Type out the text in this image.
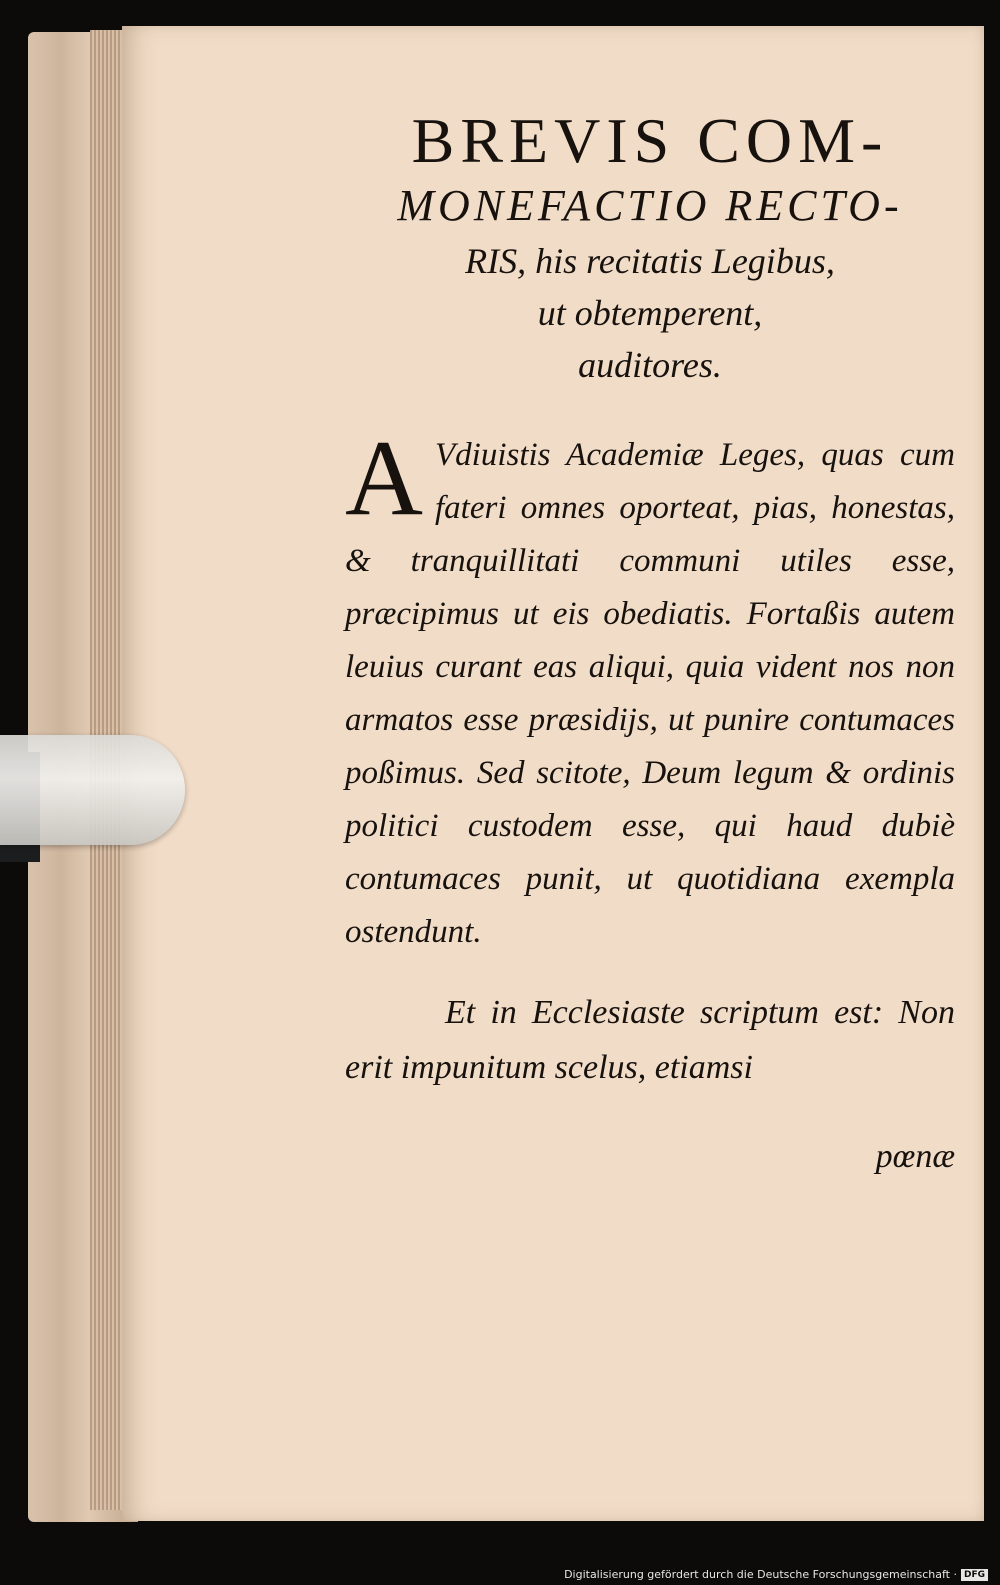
BREVIS COM-

MONEFACTIO RECTO-

RIS, his recitatis Legibus,

ut obtemperent,

auditores.

A Vdiuistis Academiæ Leges, quas cum fateri omnes oporteat, pias, honestas, & tranquillitati communi utiles esse, præcipimus ut eis obediatis. Fortaßis autem leuius curant eas aliqui, quia vident nos non armatos esse præsidijs, ut punire contumaces poßimus. Sed scitote, Deum legum & ordinis politici custodem esse, qui haud dubiè contumaces punit, ut quotidiana exempla ostendunt.

Et in Ecclesiaste scriptum est: Non erit impunitum scelus, etiamsi

pœnæ

Digitalisierung gefördert durch die Deutsche Forschungsgemeinschaft · DFG
